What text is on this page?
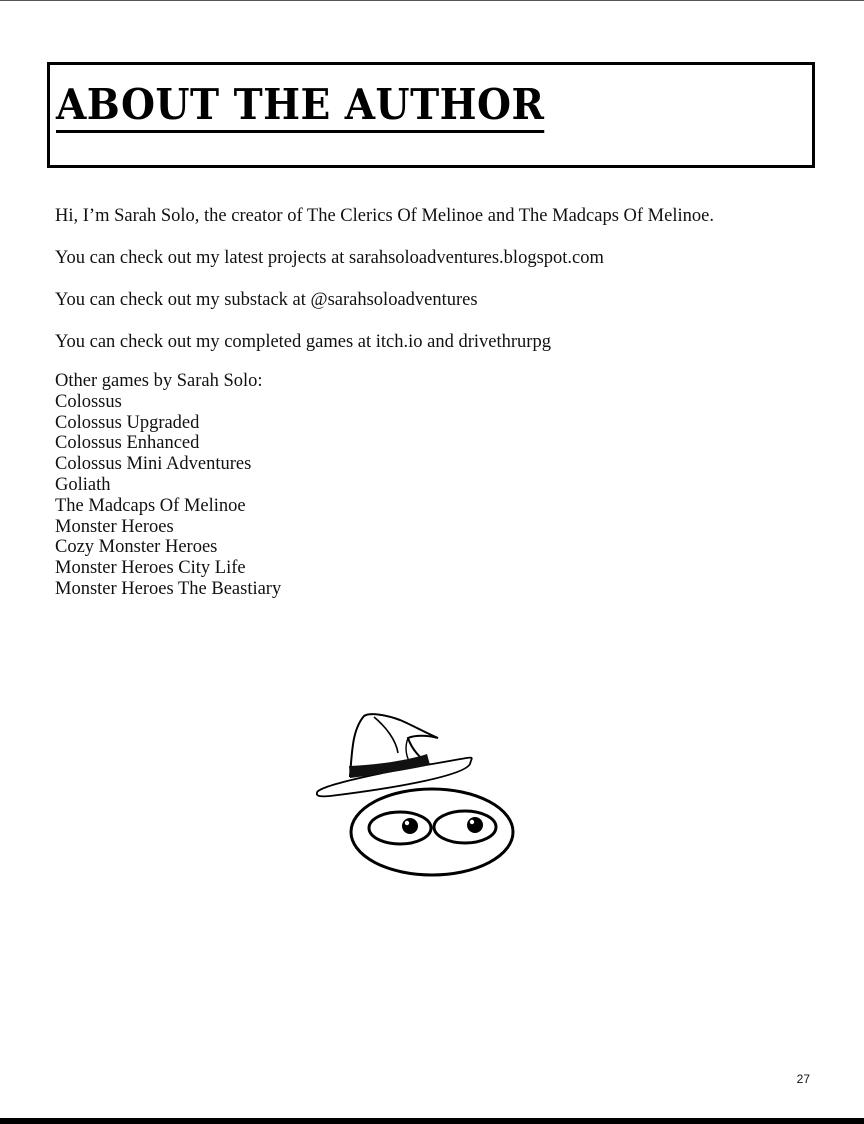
ABOUT THE AUTHOR

Hi, I’m Sarah Solo, the creator of The Clerics Of Melinoe and The Madcaps Of Melinoe.

You can check out my latest projects at sarahsoloadventures.blogspot.com

You can check out my substack at @sarahsoloadventures

You can check out my completed games at itch.io and drivethrurpg

Other games by Sarah Solo:
Colossus
Colossus Upgraded
Colossus Enhanced
Colossus Mini Adventures
Goliath
The Madcaps Of Melinoe
Monster Heroes
Cozy Monster Heroes
Monster Heroes City Life
Monster Heroes The Beastiary
27
